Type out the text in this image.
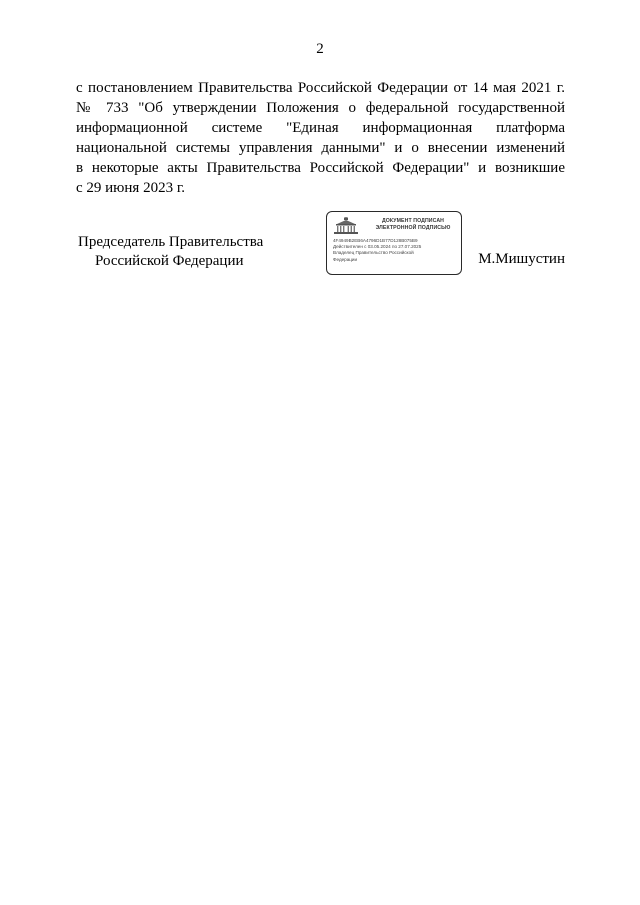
2

с постановлением Правительства Российской Федерации от 14 мая 2021 г.
№ 733 "Об утверждении Положения о федеральной государственной
информационной системе "Единая информационная платформа
национальной системы управления данными" и о внесении изменений
в некоторые акты Правительства Российской Федерации" и возникшие
с 29 июня 2023 г.

Председатель Правительства
Российской Федерации
ДОКУМЕНТ ПОДПИСАН
ЭЛЕКТРОННОЙ ПОДПИСЬЮ
4F4949B2EB6A4796D1B77D128B075B9
Действителен с 03.05.2024 по 27.07.2025
Владелец Правительство Российской
Федерации	М.Мишустин
